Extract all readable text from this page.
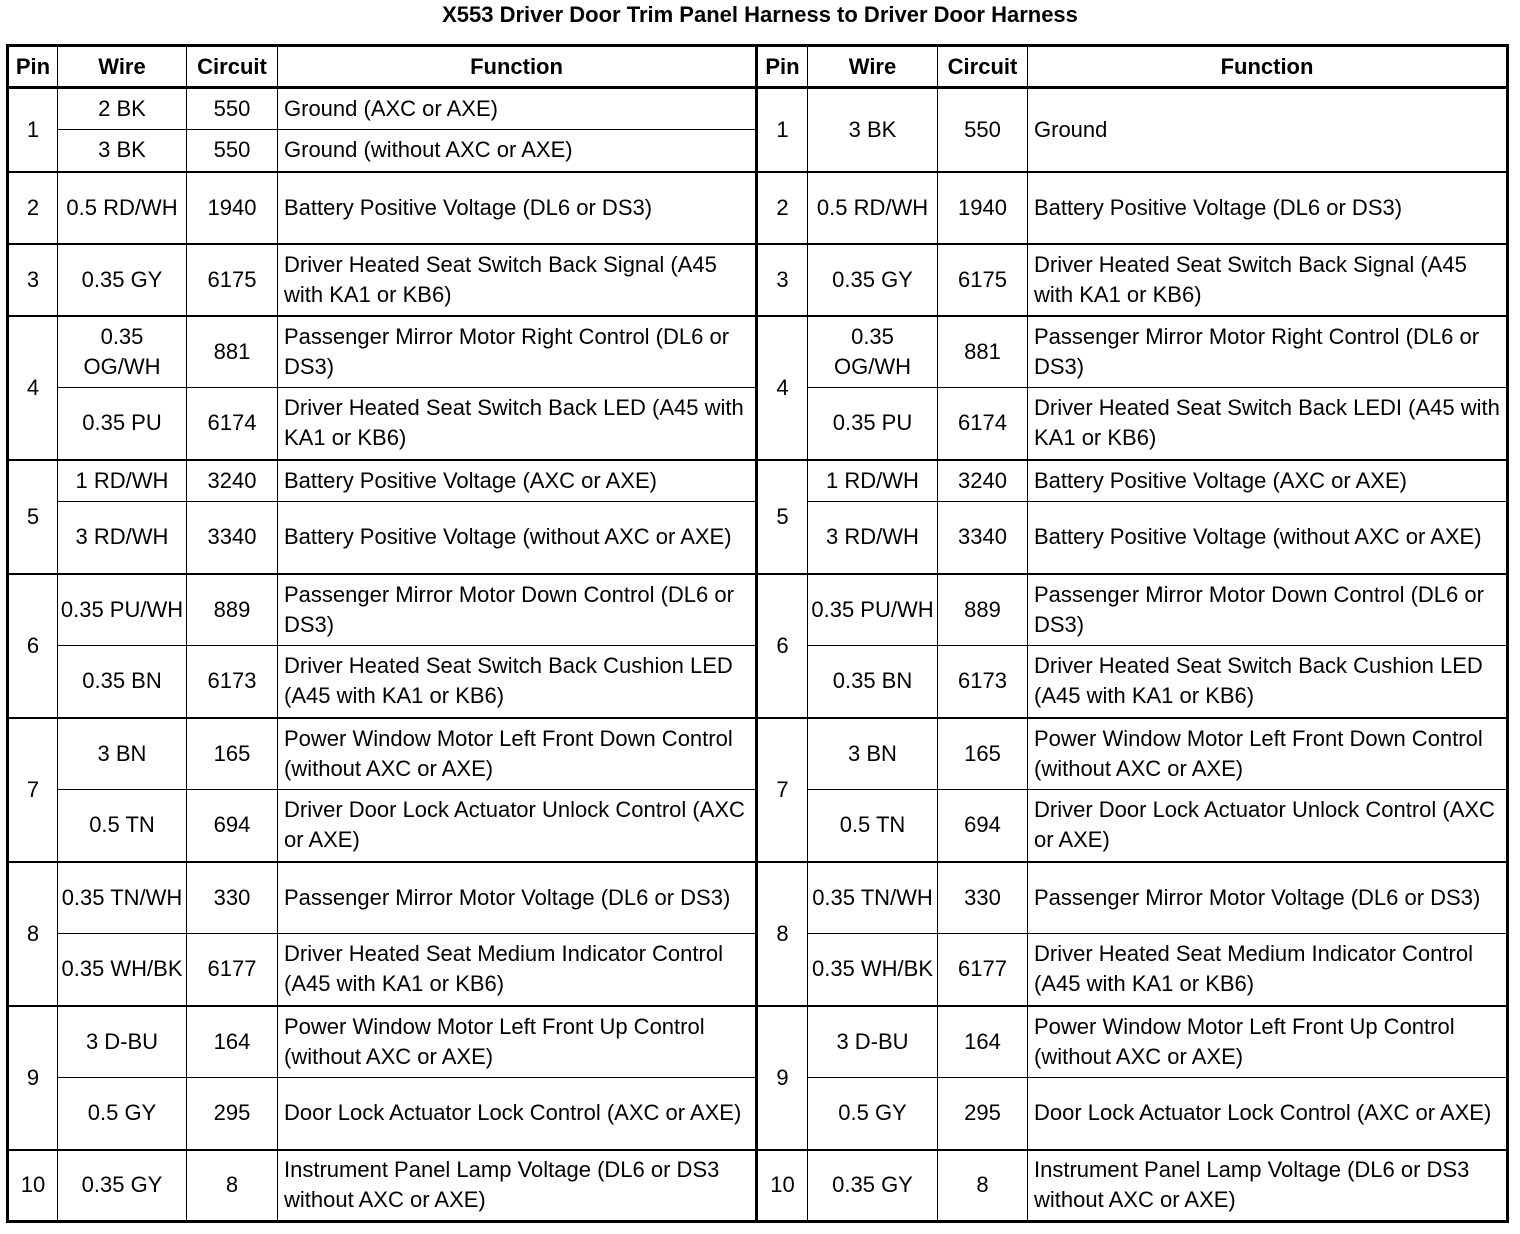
X553 Driver Door Trim Panel Harness to Driver Door Harness
Pin	Wire	Circuit	Function	Pin	Wire	Circuit	Function
1	2 BK	550	Ground (AXC or AXE)	1	3 BK	550	Ground
	3 BK	550	Ground (without AXC or AXE)				
2	0.5 RD/WH	1940	Battery Positive Voltage (DL6 or DS3)	2	0.5 RD/WH	1940	Battery Positive Voltage (DL6 or DS3)
3	0.35 GY	6175	Driver Heated Seat Switch Back Signal (A45 with KA1 or KB6)	3	0.35 GY	6175	Driver Heated Seat Switch Back Signal (A45 with KA1 or KB6)
4	0.35 OG/WH	881	Passenger Mirror Motor Right Control (DL6 or DS3)	4	0.35 OG/WH	881	Passenger Mirror Motor Right Control (DL6 or DS3)
	0.35 PU	6174	Driver Heated Seat Switch Back LED (A45 with KA1 or KB6)		0.35 PU	6174	Driver Heated Seat Switch Back LEDI (A45 with KA1 or KB6)
5	1 RD/WH	3240	Battery Positive Voltage (AXC or AXE)	5	1 RD/WH	3240	Battery Positive Voltage (AXC or AXE)
	3 RD/WH	3340	Battery Positive Voltage (without AXC or AXE)		3 RD/WH	3340	Battery Positive Voltage (without AXC or AXE)
6	0.35 PU/WH	889	Passenger Mirror Motor Down Control (DL6 or DS3)	6	0.35 PU/WH	889	Passenger Mirror Motor Down Control (DL6 or DS3)
	0.35 BN	6173	Driver Heated Seat Switch Back Cushion LED (A45 with KA1 or KB6)		0.35 BN	6173	Driver Heated Seat Switch Back Cushion LED (A45 with KA1 or KB6)
7	3 BN	165	Power Window Motor Left Front Down Control (without AXC or AXE)	7	3 BN	165	Power Window Motor Left Front Down Control (without AXC or AXE)
	0.5 TN	694	Driver Door Lock Actuator Unlock Control (AXC or AXE)		0.5 TN	694	Driver Door Lock Actuator Unlock Control (AXC or AXE)
8	0.35 TN/WH	330	Passenger Mirror Motor Voltage (DL6 or DS3)	8	0.35 TN/WH	330	Passenger Mirror Motor Voltage (DL6 or DS3)
	0.35 WH/BK	6177	Driver Heated Seat Medium Indicator Control (A45 with KA1 or KB6)		0.35 WH/BK	6177	Driver Heated Seat Medium Indicator Control (A45 with KA1 or KB6)
9	3 D-BU	164	Power Window Motor Left Front Up Control (without AXC or AXE)	9	3 D-BU	164	Power Window Motor Left Front Up Control (without AXC or AXE)
	0.5 GY	295	Door Lock Actuator Lock Control (AXC or AXE)		0.5 GY	295	Door Lock Actuator Lock Control (AXC or AXE)
10	0.35 GY	8	Instrument Panel Lamp Voltage (DL6 or DS3 without AXC or AXE)	10	0.35 GY	8	Instrument Panel Lamp Voltage (DL6 or DS3 without AXC or AXE)
